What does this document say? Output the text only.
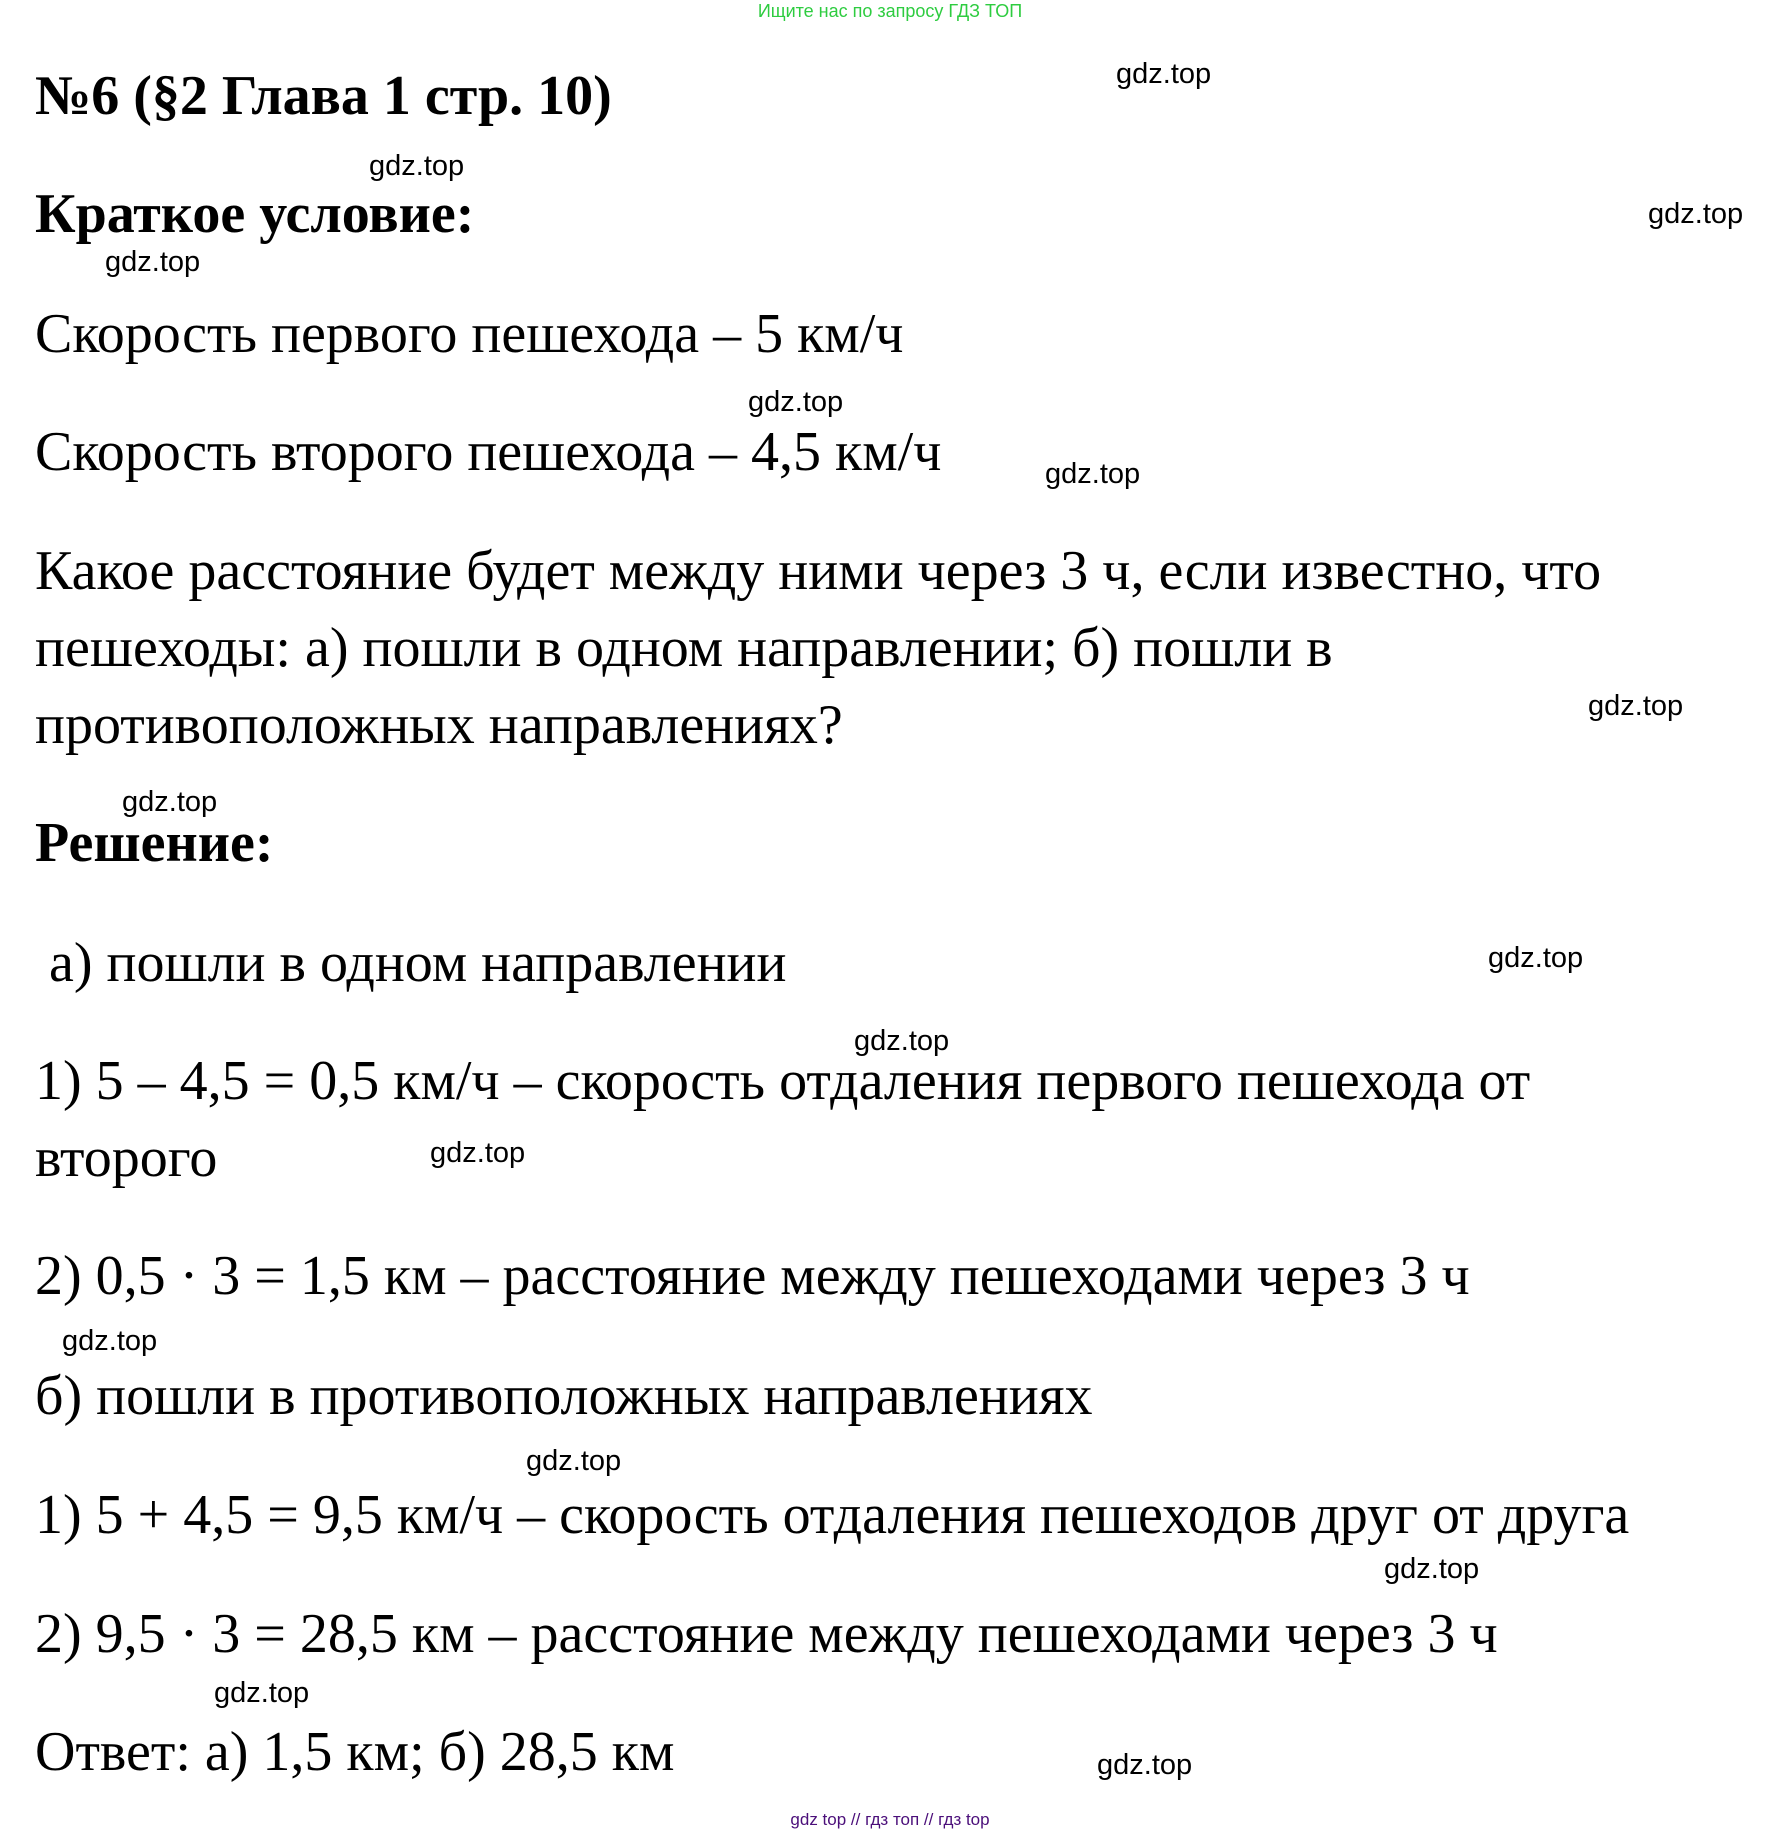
Ищите нас по запросу ГДЗ ТОП
№6 (§2 Глава 1 стр. 10)
Краткое условие:
Скорость первого пешехода – 5 км/ч
Скорость второго пешехода – 4,5 км/ч
Какое расстояние будет между ними через 3 ч, если известно, что
пешеходы: а) пошли в одном направлении; б) пошли в
противоположных направлениях?
Решение:
а) пошли в одном направлении
1) 5 – 4,5 = 0,5 км/ч – скорость отдаления первого пешехода от
второго
2) 0,5 · 3 = 1,5 км – расстояние между пешеходами через 3 ч
б) пошли в противоположных направлениях
1) 5 + 4,5 = 9,5 км/ч – скорость отдаления пешеходов друг от друга
2) 9,5 · 3 = 28,5 км – расстояние между пешеходами через 3 ч
Ответ: а) 1,5 км; б) 28,5 км
gdz.top
gdz.top
gdz.top
gdz.top
gdz.top
gdz.top
gdz.top
gdz.top
gdz.top
gdz.top
gdz.top
gdz.top
gdz.top
gdz.top
gdz.top
gdz.top
gdz top // гдз топ // гдз top
